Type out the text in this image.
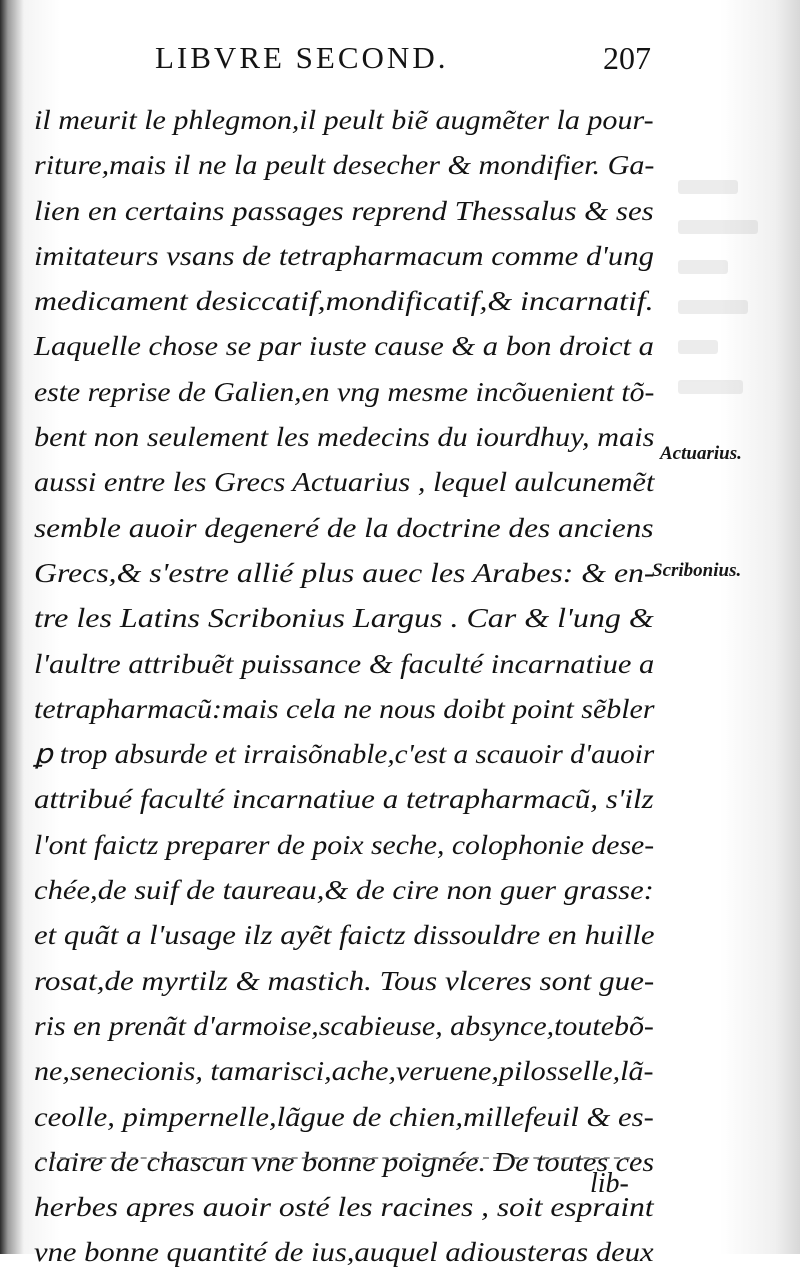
LIBVRE SECOND.	207
il meurit le phlegmon,il peult biẽ augmẽter la pour-
riture,mais il ne la peult desecher & mondifier. Ga-
lien en certains passages reprend Thessalus & ses
imitateurs vsans de tetrapharmacum comme d'ung
medicament desiccatif,mondificatif,& incarnatif.
Laquelle chose se par iuste cause & a bon droict a
este reprise de Galien,en vng mesme incõuenient tõ-
bent non seulement les medecins du iourdhuy, mais
aussi entre les Grecs Actuarius , lequel aulcunemẽt
semble auoir degeneré de la doctrine des anciens
Grecs,& s'estre allié plus auec les Arabes: & en-
tre les Latins Scribonius Largus . Car & l'ung &
l'aultre attribuẽt puissance & faculté incarnatiue a
tetrapharmacũ:mais cela ne nous doibt point sẽbler
ꝑ trop absurde et irraisõnable,c'est a scauoir d'auoir
attribué faculté incarnatiue a tetrapharmacũ, s'ilz
l'ont faictz preparer de poix seche, colophonie dese-
chée,de suif de taureau,& de cire non guer grasse:
et quãt a l'usage ilz ayẽt faictz dissouldre en huille
rosat,de myrtilz & mastich. Tous vlceres sont gue-
ris en prenãt d'armoise,scabieuse, absynce,toutebõ-
ne,senecionis, tamarisci,ache,veruene,pilosselle,lã-
ceolle, pimpernelle,lãgue de chien,millefeuil & es-
claire de chascun vne bonne poignée. De toutes ces
herbes apres auoir osté les racines , soit espraint
vne bonne quantité de ius,auquel adiousteras deux
Actuarius.
Scribonius.
lib-
